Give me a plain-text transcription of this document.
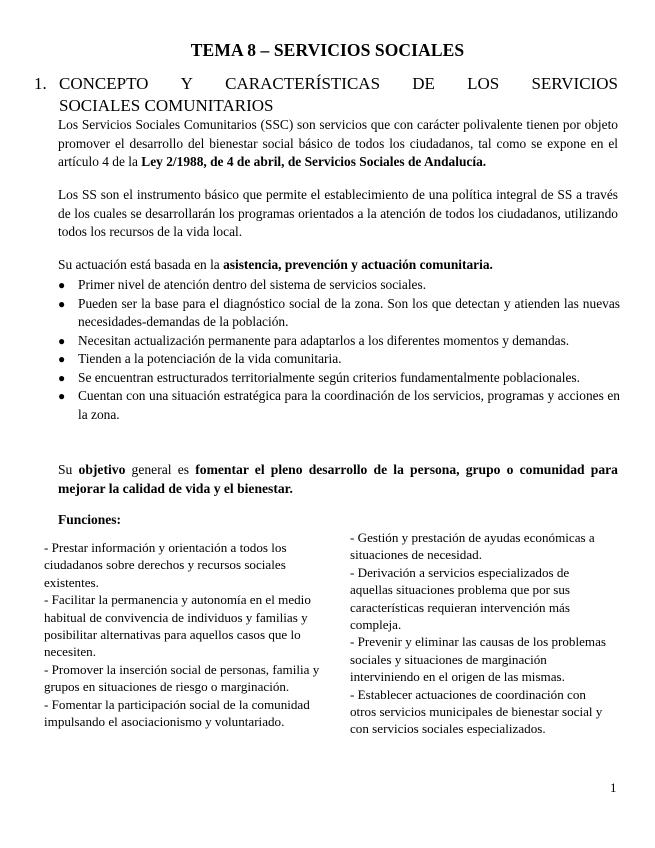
TEMA 8 – SERVICIOS SOCIALES
1. CONCEPTO Y CARACTERÍSTICAS DE LOS SERVICIOS
SOCIALES COMUNITARIOS
Los Servicios Sociales Comunitarios (SSC) son servicios que con carácter polivalente tienen por objeto promover el desarrollo del bienestar social básico de todos los ciudadanos, tal como se expone en el artículo 4 de la Ley 2/1988, de 4 de abril, de Servicios Sociales de Andalucía.
Los SS son el instrumento básico que permite el establecimiento de una política integral de SS a través de los cuales se desarrollarán los programas orientados a la atención de todos los ciudadanos, utilizando todos los recursos de la vida local.
Su actuación está basada en la asistencia, prevención y actuación comunitaria.
● Primer nivel de atención dentro del sistema de servicios sociales.
● Pueden ser la base para el diagnóstico social de la zona. Son los que detectan y atienden las nuevas necesidades-demandas de la población.
● Necesitan actualización permanente para adaptarlos a los diferentes momentos y demandas.
● Tienden a la potenciación de la vida comunitaria.
● Se encuentran estructurados territorialmente según criterios fundamentalmente poblacionales.
● Cuentan con una situación estratégica para la coordinación de los servicios, programas y acciones en la zona.
Su objetivo general es fomentar el pleno desarrollo de la persona, grupo o comunidad para mejorar la calidad de vida y el bienestar.
Funciones:
- Prestar información y orientación a todos los ciudadanos sobre derechos y recursos sociales existentes.
- Facilitar la permanencia y autonomía en el medio habitual de convivencia de individuos y familias y posibilitar alternativas para aquellos casos que lo necesiten.
- Promover la inserción social de personas, familia y grupos en situaciones de riesgo o marginación.
- Fomentar la participación social de la comunidad impulsando el asociacionismo y voluntariado.
- Gestión y prestación de ayudas económicas a situaciones de necesidad.
- Derivación a servicios especializados de aquellas situaciones problema que por sus características requieran intervención más compleja.
- Prevenir y eliminar las causas de los problemas sociales y situaciones de marginación interviniendo en el origen de las mismas.
- Establecer actuaciones de coordinación con otros servicios municipales de bienestar social y con servicios sociales especializados.
1
